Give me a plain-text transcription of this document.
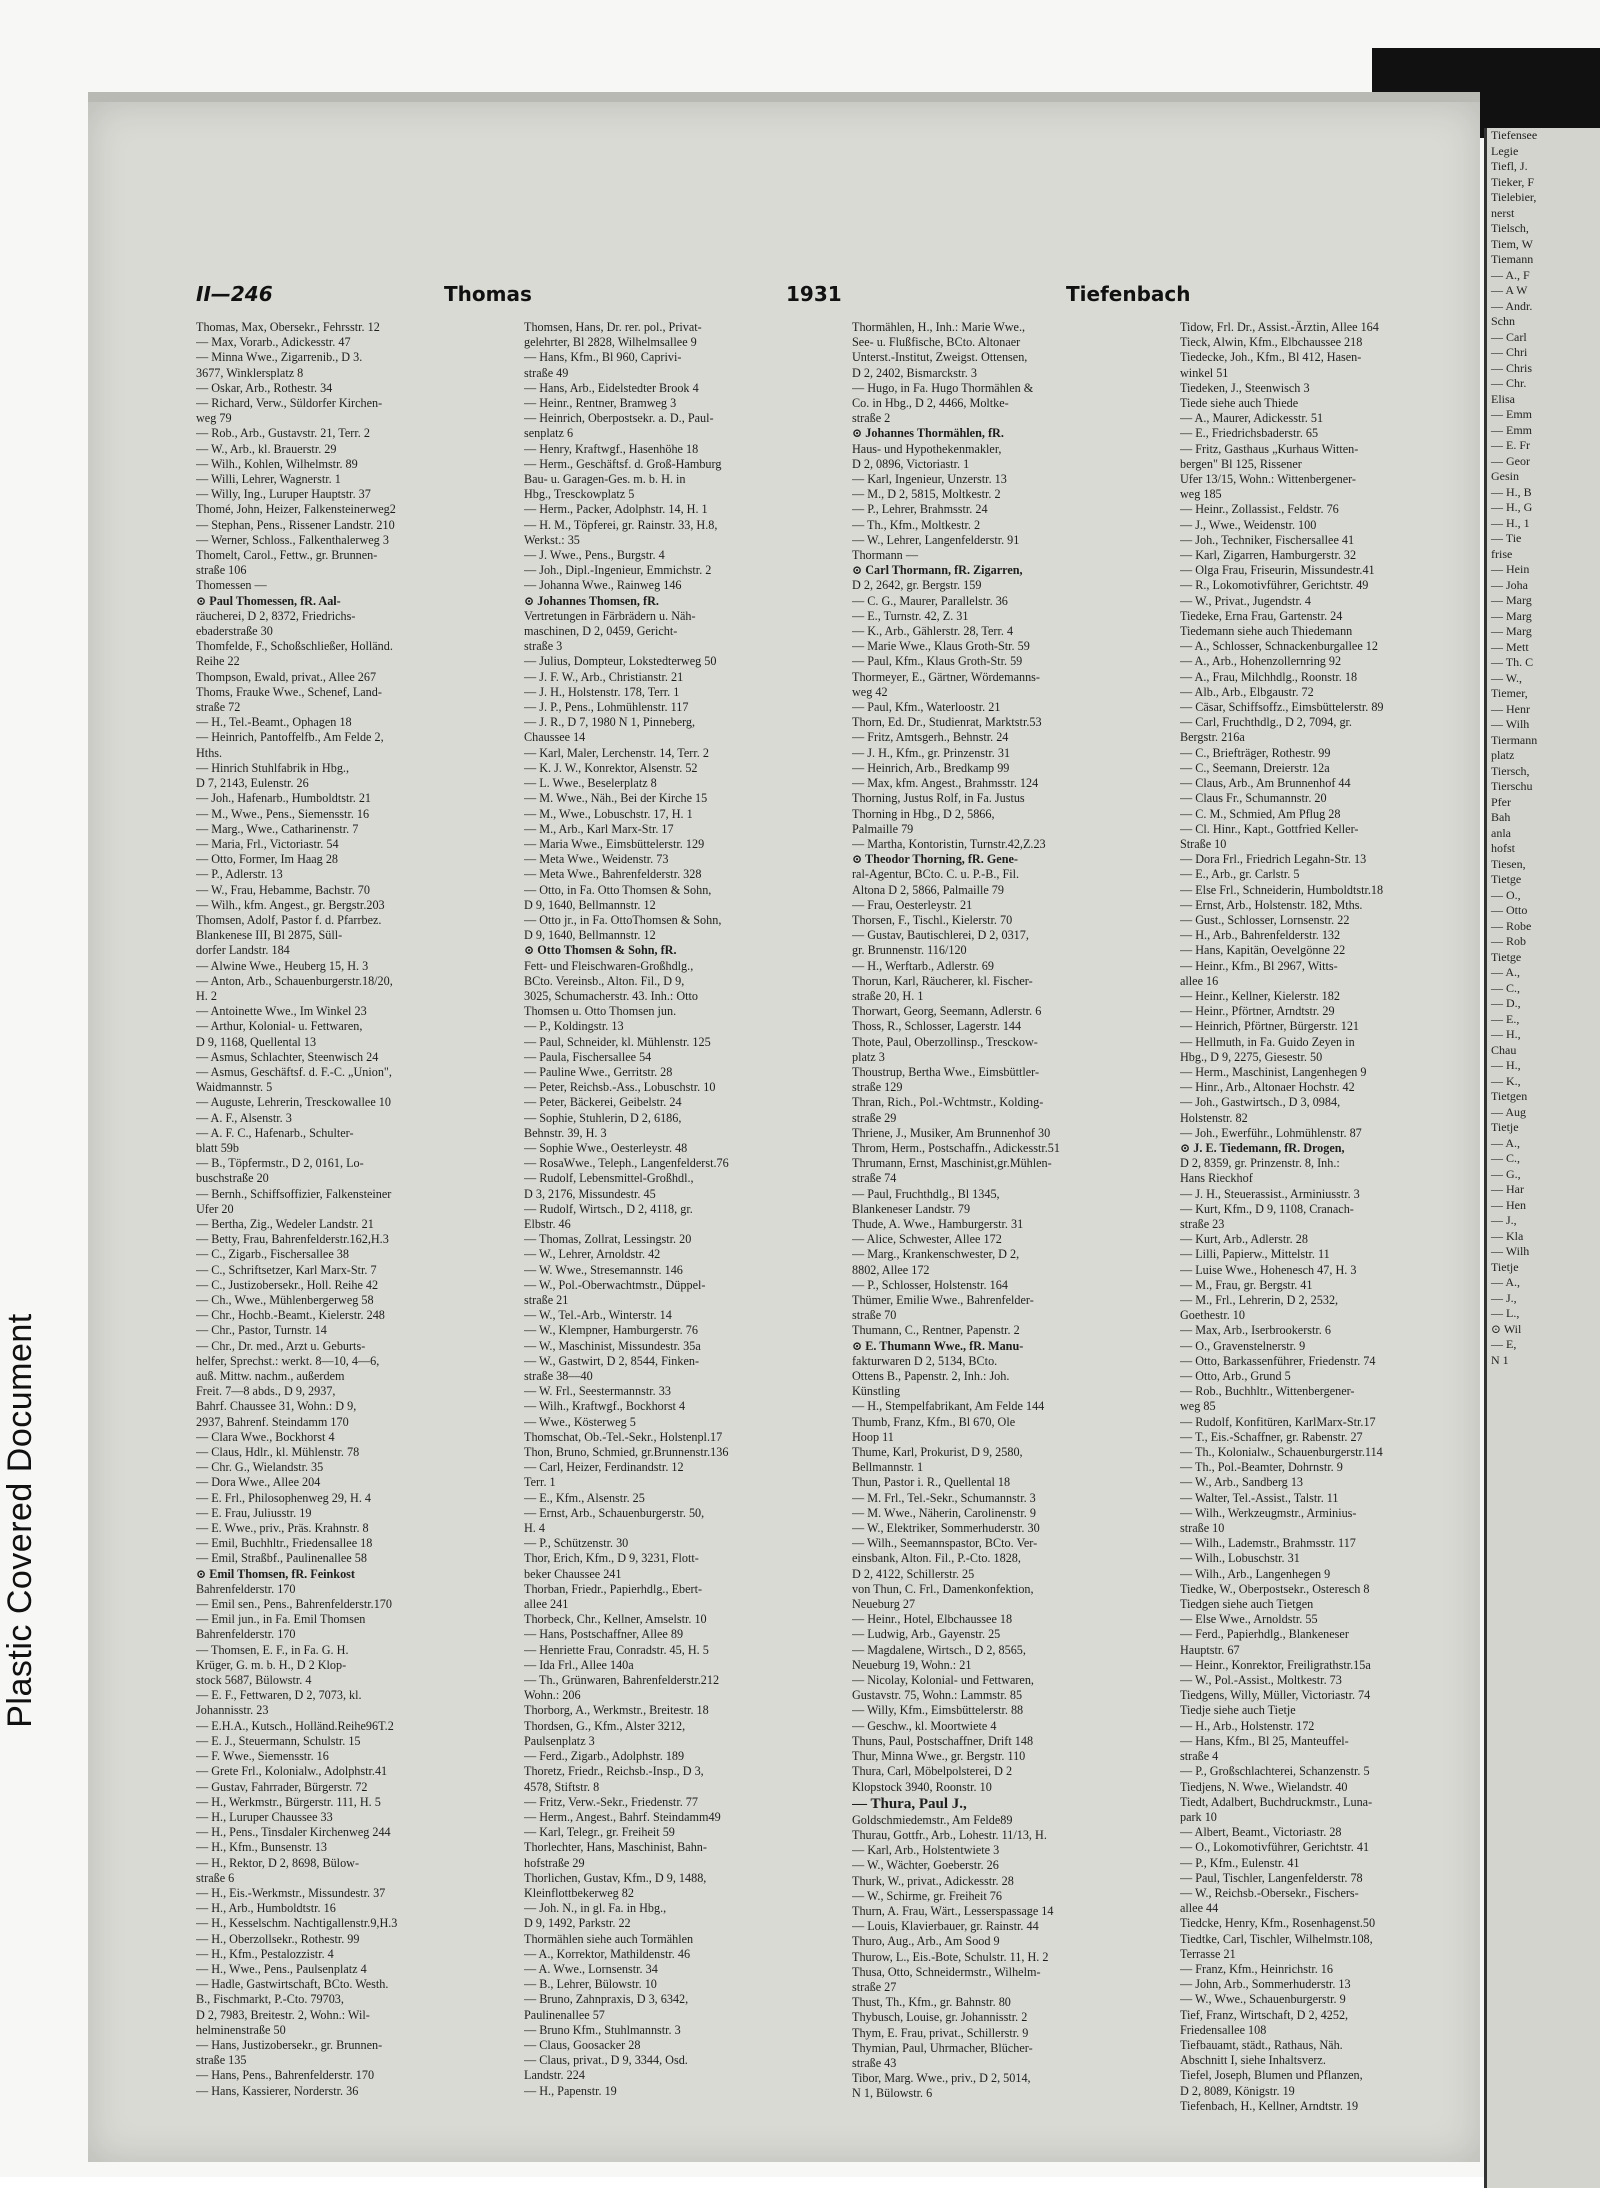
Plastic Covered Document
II—246	Thomas	1931	Tiefenbach
Thomas, Max, Obersekr., Fehrsstr. 12
— Max, Vorarb., Adickesstr. 47
— Minna Wwe., Zigarrenib., D 3.
3677, Winklersplatz 8
— Oskar, Arb., Rothestr. 34
— Richard, Verw., Süldorfer Kirchen-
weg 79
— Rob., Arb., Gustavstr. 21, Terr. 2
— W., Arb., kl. Brauerstr. 29
— Wilh., Kohlen, Wilhelmstr. 89
— Willi, Lehrer, Wagnerstr. 1
— Willy, Ing., Luruper Hauptstr. 37
Thomé, John, Heizer, Falkensteinerweg2
— Stephan, Pens., Rissener Landstr. 210
— Werner, Schloss., Falkenthalerweg 3
Thomelt, Carol., Fettw., gr. Brunnen-
straße 106
Thomessen —
⊙ Paul Thomessen, fR. Aal-
räucherei, D 2, 8372, Friedrichs-
ebaderstraße 30
Thomfelde, F., Schoßschließer, Holländ.
Reihe 22
Thompson, Ewald, privat., Allee 267
Thoms, Frauke Wwe., Schenef, Land-
straße 72
— H., Tel.-Beamt., Ophagen 18
— Heinrich, Pantoffelfb., Am Felde 2,
Hths.
— Hinrich Stuhlfabrik in Hbg.,
D 7, 2143, Eulenstr. 26
— Joh., Hafenarb., Humboldtstr. 21
— M., Wwe., Pens., Siemensstr. 16
— Marg., Wwe., Catharinenstr. 7
— Maria, Frl., Victoriastr. 54
— Otto, Former, Im Haag 28
— P., Adlerstr. 13
— W., Frau, Hebamme, Bachstr. 70
— Wilh., kfm. Angest., gr. Bergstr.203
Thomsen, Adolf, Pastor f. d. Pfarrbez.
Blankenese III, Bl 2875, Süll-
dorfer Landstr. 184
— Alwine Wwe., Heuberg 15, H. 3
— Anton, Arb., Schauenburgerstr.18/20,
H. 2
— Antoinette Wwe., Im Winkel 23
— Arthur, Kolonial- u. Fettwaren,
D 9, 1168, Quellental 13
— Asmus, Schlachter, Steenwisch 24
— Asmus, Geschäftsf. d. F.-C. „Union",
Waidmannstr. 5
— Auguste, Lehrerin, Tresckowallee 10
— A. F., Alsenstr. 3
— A. F. C., Hafenarb., Schulter-
blatt 59b
— B., Töpfermstr., D 2, 0161, Lo-
buschstraße 20
— Bernh., Schiffsoffizier, Falkensteiner
Ufer 20
— Bertha, Zig., Wedeler Landstr. 21
— Betty, Frau, Bahrenfelderstr.162,H.3
— C., Zigarb., Fischersallee 38
— C., Schriftsetzer, Karl Marx-Str. 7
— C., Justizobersekr., Holl. Reihe 42
— Ch., Wwe., Mühlenbergerweg 58
— Chr., Hochb.-Beamt., Kielerstr. 248
— Chr., Pastor, Turnstr. 14
— Chr., Dr. med., Arzt u. Geburts-
helfer, Sprechst.: werkt. 8—10, 4—6,
auß. Mittw. nachm., außerdem
Freit. 7—8 abds., D 9, 2937,
Bahrf. Chaussee 31, Wohn.: D 9,
2937, Bahrenf. Steindamm 170
— Clara Wwe., Bockhorst 4
— Claus, Hdlr., kl. Mühlenstr. 78
— Chr. G., Wielandstr. 35
— Dora Wwe., Allee 204
— E. Frl., Philosophenweg 29, H. 4
— E. Frau, Juliusstr. 19
— E. Wwe., priv., Präs. Krahnstr. 8
— Emil, Buchhltr., Friedensallee 18
— Emil, Straßbf., Paulinenallee 58
⊙ Emil Thomsen, fR. Feinkost
Bahrenfelderstr. 170
— Emil sen., Pens., Bahrenfelderstr.170
— Emil jun., in Fa. Emil Thomsen
Bahrenfelderstr. 170
— Thomsen, E. F., in Fa. G. H.
Krüger, G. m. b. H., D 2 Klop-
stock 5687, Bülowstr. 4
— E. F., Fettwaren, D 2, 7073, kl.
Johannisstr. 23
— E.H.A., Kutsch., Holländ.Reihe96T.2
— E. J., Steuermann, Schulstr. 15
— F. Wwe., Siemensstr. 16
— Grete Frl., Kolonialw., Adolphstr.41
— Gustav, Fahrrader, Bürgerstr. 72
— H., Werkmstr., Bürgerstr. 111, H. 5
— H., Luruper Chaussee 33
— H., Pens., Tinsdaler Kirchenweg 244
— H., Kfm., Bunsenstr. 13
— H., Rektor, D 2, 8698, Bülow-
straße 6
— H., Eis.-Werkmstr., Missundestr. 37
— H., Arb., Humboldtstr. 16
— H., Kesselschm. Nachtigallenstr.9,H.3
— H., Oberzollsekr., Rothestr. 99
— H., Kfm., Pestalozzistr. 4
— H., Wwe., Pens., Paulsenplatz 4
— Hadle, Gastwirtschaft, BCto. Westh.
B., Fischmarkt, P.-Cto. 79703,
D 2, 7983, Breitestr. 2, Wohn.: Wil-
helminenstraße 50
— Hans, Justizobersekr., gr. Brunnen-
straße 135
— Hans, Pens., Bahrenfelderstr. 170
— Hans, Kassierer, Norderstr. 36
Thomsen, Hans, Dr. rer. pol., Privat-
gelehrter, Bl 2828, Wilhelmsallee 9
— Hans, Kfm., Bl 960, Caprivi-
straße 49
— Hans, Arb., Eidelstedter Brook 4
— Heinr., Rentner, Bramweg 3
— Heinrich, Oberpostsekr. a. D., Paul-
senplatz 6
— Henry, Kraftwgf., Hasenhöhe 18
— Herm., Geschäftsf. d. Groß-Hamburg
Bau- u. Garagen-Ges. m. b. H. in
Hbg., Tresckowplatz 5
— Herm., Packer, Adolphstr. 14, H. 1
— H. M., Töpferei, gr. Rainstr. 33, H.8,
Werkst.: 35
— J. Wwe., Pens., Burgstr. 4
— Joh., Dipl.-Ingenieur, Emmichstr. 2
— Johanna Wwe., Rainweg 146
⊙ Johannes Thomsen, fR.
Vertretungen in Färbrädern u. Näh-
maschinen, D 2, 0459, Gericht-
straße 3
— Julius, Dompteur, Lokstedterweg 50
— J. F. W., Arb., Christianstr. 21
— J. H., Holstenstr. 178, Terr. 1
— J. P., Pens., Lohmühlenstr. 117
— J. R., D 7, 1980 N 1, Pinneberg,
Chaussee 14
— Karl, Maler, Lerchenstr. 14, Terr. 2
— K. J. W., Konrektor, Alsenstr. 52
— L. Wwe., Beselerplatz 8
— M. Wwe., Näh., Bei der Kirche 15
— M., Wwe., Lobuschstr. 17, H. 1
— M., Arb., Karl Marx-Str. 17
— Maria Wwe., Eimsbüttelerstr. 129
— Meta Wwe., Weidenstr. 73
— Meta Wwe., Bahrenfelderstr. 328
— Otto, in Fa. Otto Thomsen & Sohn,
D 9, 1640, Bellmannstr. 12
— Otto jr., in Fa. OttoThomsen & Sohn,
D 9, 1640, Bellmannstr. 12
⊙ Otto Thomsen & Sohn, fR.
Fett- und Fleischwaren-Großhdlg.,
BCto. Vereinsb., Alton. Fil., D 9,
3025, Schumacherstr. 43. Inh.: Otto
Thomsen u. Otto Thomsen jun.
— P., Koldingstr. 13
— Paul, Schneider, kl. Mühlenstr. 125
— Paula, Fischersallee 54
— Pauline Wwe., Gerritstr. 28
— Peter, Reichsb.-Ass., Lobuschstr. 10
— Peter, Bäckerei, Geibelstr. 24
— Sophie, Stuhlerin, D 2, 6186,
Behnstr. 39, H. 3
— Sophie Wwe., Oesterleystr. 48
— RosaWwe., Teleph., Langenfelderst.76
— Rudolf, Lebensmittel-Großhdl.,
D 3, 2176, Missundestr. 45
— Rudolf, Wirtsch., D 2, 4118, gr.
Elbstr. 46
— Thomas, Zollrat, Lessingstr. 20
— W., Lehrer, Arnoldstr. 42
— W. Wwe., Stresemannstr. 146
— W., Pol.-Oberwachtmstr., Düppel-
straße 21
— W., Tel.-Arb., Winterstr. 14
— W., Klempner, Hamburgerstr. 76
— W., Maschinist, Missundestr. 35a
— W., Gastwirt, D 2, 8544, Finken-
straße 38—40
— W. Frl., Seestermannstr. 33
— Wilh., Kraftwgf., Bockhorst 4
— Wwe., Kösterweg 5
Thomschat, Ob.-Tel.-Sekr., Holstenpl.17
Thon, Bruno, Schmied, gr.Brunnenstr.136
— Carl, Heizer, Ferdinandstr. 12
Terr. 1
— E., Kfm., Alsenstr. 25
— Ernst, Arb., Schauenburgerstr. 50,
H. 4
— P., Schützenstr. 30
Thor, Erich, Kfm., D 9, 3231, Flott-
beker Chaussee 241
Thorban, Friedr., Papierhdlg., Ebert-
allee 241
Thorbeck, Chr., Kellner, Amselstr. 10
— Hans, Postschaffner, Allee 89
— Henriette Frau, Conradstr. 45, H. 5
— Ida Frl., Allee 140a
— Th., Grünwaren, Bahrenfelderstr.212
Wohn.: 206
Thorborg, A., Werkmstr., Breitestr. 18
Thordsen, G., Kfm., Alster 3212,
Paulsenplatz 3
— Ferd., Zigarb., Adolphstr. 189
Thoretz, Friedr., Reichsb.-Insp., D 3,
4578, Stiftstr. 8
— Fritz, Verw.-Sekr., Friedenstr. 77
— Herm., Angest., Bahrf. Steindamm49
— Karl, Telegr., gr. Freiheit 59
Thorlechter, Hans, Maschinist, Bahn-
hofstraße 29
Thorlichen, Gustav, Kfm., D 9, 1488,
Kleinflottbekerweg 82
— Joh. N., in gl. Fa. in Hbg.,
D 9, 1492, Parkstr. 22
Thormählen siehe auch Tormählen
— A., Korrektor, Mathildenstr. 46
— A. Wwe., Lornsenstr. 34
— B., Lehrer, Bülowstr. 10
— Bruno, Zahnpraxis, D 3, 6342,
Paulinenallee 57
— Bruno Kfm., Stuhlmannstr. 3
— Claus, Goosacker 28
— Claus, privat., D 9, 3344, Osd.
Landstr. 224
— H., Papenstr. 19
Thormählen, H., Inh.: Marie Wwe.,
See- u. Flußfische, BCto. Altonaer
Unterst.-Institut, Zweigst. Ottensen,
D 2, 2402, Bismarckstr. 3
— Hugo, in Fa. Hugo Thormählen &
Co. in Hbg., D 2, 4466, Moltke-
straße 2
⊙ Johannes Thormählen, fR.
Haus- und Hypothekenmakler,
D 2, 0896, Victoriastr. 1
— Karl, Ingenieur, Unzerstr. 13
— M., D 2, 5815, Moltkestr. 2
— P., Lehrer, Brahmsstr. 24
— Th., Kfm., Moltkestr. 2
— W., Lehrer, Langenfelderstr. 91
Thormann —
⊙ Carl Thormann, fR. Zigarren,
D 2, 2642, gr. Bergstr. 159
— C. G., Maurer, Parallelstr. 36
— E., Turnstr. 42, Z. 31
— K., Arb., Gählerstr. 28, Terr. 4
— Marie Wwe., Klaus Groth-Str. 59
— Paul, Kfm., Klaus Groth-Str. 59
Thormeyer, E., Gärtner, Wördemanns-
weg 42
— Paul, Kfm., Waterloostr. 21
Thorn, Ed. Dr., Studienrat, Marktstr.53
— Fritz, Amtsgerh., Behnstr. 24
— J. H., Kfm., gr. Prinzenstr. 31
— Heinrich, Arb., Bredkamp 99
— Max, kfm. Angest., Brahmsstr. 124
Thorning, Justus Rolf, in Fa. Justus
Thorning in Hbg., D 2, 5866,
Palmaille 79
— Martha, Kontoristin, Turnstr.42,Z.23
⊙ Theodor Thorning, fR. Gene-
ral-Agentur, BCto. C. u. P.-B., Fil.
Altona D 2, 5866, Palmaille 79
— Frau, Oesterleystr. 21
Thorsen, F., Tischl., Kielerstr. 70
— Gustav, Bautischlerei, D 2, 0317,
gr. Brunnenstr. 116/120
— H., Werftarb., Adlerstr. 69
Thorun, Karl, Räucherer, kl. Fischer-
straße 20, H. 1
Thorwart, Georg, Seemann, Adlerstr. 6
Thoss, R., Schlosser, Lagerstr. 144
Thote, Paul, Oberzollinsp., Tresckow-
platz 3
Thoustrup, Bertha Wwe., Eimsbüttler-
straße 129
Thran, Rich., Pol.-Wchtmstr., Kolding-
straße 29
Thriene, J., Musiker, Am Brunnenhof 30
Throm, Herm., Postschaffn., Adickesstr.51
Thrumann, Ernst, Maschinist,gr.Mühlen-
straße 74
— Paul, Fruchthdlg., Bl 1345,
Blankeneser Landstr. 79
Thude, A. Wwe., Hamburgerstr. 31
— Alice, Schwester, Allee 172
— Marg., Krankenschwester, D 2,
8802, Allee 172
— P., Schlosser, Holstenstr. 164
Thümer, Emilie Wwe., Bahrenfelder-
straße 70
Thumann, C., Rentner, Papenstr. 2
⊙ E. Thumann Wwe., fR. Manu-
fakturwaren D 2, 5134, BCto.
Ottens B., Papenstr. 2, Inh.: Joh.
Künstling
— H., Stempelfabrikant, Am Felde 144
Thumb, Franz, Kfm., Bl 670, Ole
Hoop 11
Thume, Karl, Prokurist, D 9, 2580,
Bellmannstr. 1
Thun, Pastor i. R., Quellental 18
— M. Frl., Tel.-Sekr., Schumannstr. 3
— M. Wwe., Näherin, Carolinenstr. 9
— W., Elektriker, Sommerhuderstr. 30
— Wilh., Seemannspastor, BCto. Ver-
einsbank, Alton. Fil., P.-Cto. 1828,
D 2, 4122, Schillerstr. 25
von Thun, C. Frl., Damenkonfektion,
Neueburg 27
— Heinr., Hotel, Elbchaussee 18
— Ludwig, Arb., Gayenstr. 25
— Magdalene, Wirtsch., D 2, 8565,
Neueburg 19, Wohn.: 21
— Nicolay, Kolonial- und Fettwaren,
Gustavstr. 75, Wohn.: Lammstr. 85
— Willy, Kfm., Eimsbüttelerstr. 88
— Geschw., kl. Moortwiete 4
Thuns, Paul, Postschaffner, Drift 148
Thur, Minna Wwe., gr. Bergstr. 110
Thura, Carl, Möbelpolsterei, D 2
Klopstock 3940, Roonstr. 10
— Thura, Paul J.,
Goldschmiedemstr., Am Felde89
Thurau, Gottfr., Arb., Lohestr. 11/13, H.
— Karl, Arb., Holstentwiete 3
— W., Wächter, Goeberstr. 26
Thurk, W., privat., Adickesstr. 28
— W., Schirme, gr. Freiheit 76
Thurn, A. Frau, Wärt., Lesserspassage 14
— Louis, Klavierbauer, gr. Rainstr. 44
Thuro, Aug., Arb., Am Sood 9
Thurow, L., Eis.-Bote, Schulstr. 11, H. 2
Thusa, Otto, Schneidermstr., Wilhelm-
straße 27
Thust, Th., Kfm., gr. Bahnstr. 80
Thybusch, Louise, gr. Johannisstr. 2
Thym, E. Frau, privat., Schillerstr. 9
Thymian, Paul, Uhrmacher, Blücher-
straße 43
Tibor, Marg. Wwe., priv., D 2, 5014,
N 1, Bülowstr. 6
Tidow, Frl. Dr., Assist.-Ärztin, Allee 164
Tieck, Alwin, Kfm., Elbchaussee 218
Tiedecke, Joh., Kfm., Bl 412, Hasen-
winkel 51
Tiedeken, J., Steenwisch 3
Tiede siehe auch Thiede
— A., Maurer, Adickesstr. 51
— E., Friedrichsbaderstr. 65
— Fritz, Gasthaus „Kurhaus Witten-
bergen" Bl 125, Rissener
Ufer 13/15, Wohn.: Wittenbergener-
weg 185
— Heinr., Zollassist., Feldstr. 76
— J., Wwe., Weidenstr. 100
— Joh., Techniker, Fischersallee 41
— Karl, Zigarren, Hamburgerstr. 32
— Olga Frau, Friseurin, Missundestr.41
— R., Lokomotivführer, Gerichtstr. 49
— W., Privat., Jugendstr. 4
Tiedeke, Erna Frau, Gartenstr. 24
Tiedemann siehe auch Thiedemann
— A., Schlosser, Schnackenburgallee 12
— A., Arb., Hohenzollernring 92
— A., Frau, Milchhdlg., Roonstr. 18
— Alb., Arb., Elbgaustr. 72
— Cäsar, Schiffsoffz., Eimsbüttelerstr. 89
— Carl, Fruchthdlg., D 2, 7094, gr.
Bergstr. 216a
— C., Briefträger, Rothestr. 99
— C., Seemann, Dreierstr. 12a
— Claus, Arb., Am Brunnenhof 44
— Claus Fr., Schumannstr. 20
— C. M., Schmied, Am Pflug 28
— Cl. Hinr., Kapt., Gottfried Keller-
Straße 10
— Dora Frl., Friedrich Legahn-Str. 13
— E., Arb., gr. Carlstr. 5
— Else Frl., Schneiderin, Humboldtstr.18
— Ernst, Arb., Holstenstr. 182, Mths.
— Gust., Schlosser, Lornsenstr. 22
— H., Arb., Bahrenfelderstr. 132
— Hans, Kapitän, Oevelgönne 22
— Heinr., Kfm., Bl 2967, Witts-
allee 16
— Heinr., Kellner, Kielerstr. 182
— Heinr., Pförtner, Arndtstr. 29
— Heinrich, Pförtner, Bürgerstr. 121
— Hellmuth, in Fa. Guido Zeyen in
Hbg., D 9, 2275, Giesestr. 50
— Herm., Maschinist, Langenhegen 9
— Hinr., Arb., Altonaer Hochstr. 42
— Joh., Gastwirtsch., D 3, 0984,
Holstenstr. 82
— Joh., Ewerführ., Lohmühlenstr. 87
⊙ J. E. Tiedemann, fR. Drogen,
D 2, 8359, gr. Prinzenstr. 8, Inh.:
Hans Rieckhof
— J. H., Steuerassist., Arminiusstr. 3
— Kurt, Kfm., D 9, 1108, Cranach-
straße 23
— Kurt, Arb., Adlerstr. 28
— Lilli, Papierw., Mittelstr. 11
— Luise Wwe., Hohenesch 47, H. 3
— M., Frau, gr. Bergstr. 41
— M., Frl., Lehrerin, D 2, 2532,
Goethestr. 10
— Max, Arb., Iserbrookerstr. 6
— O., Gravenstelnerstr. 9
— Otto, Barkassenführer, Friedenstr. 74
— Otto, Arb., Grund 5
— Rob., Buchhltr., Wittenbergener-
weg 85
— Rudolf, Konfitüren, KarlMarx-Str.17
— T., Eis.-Schaffner, gr. Rabenstr. 27
— Th., Kolonialw., Schauenburgerstr.114
— Th., Pol.-Beamter, Dohrnstr. 9
— W., Arb., Sandberg 13
— Walter, Tel.-Assist., Talstr. 11
— Wilh., Werkzeugmstr., Arminius-
straße 10
— Wilh., Lademstr., Brahmsstr. 117
— Wilh., Lobuschstr. 31
— Wilh., Arb., Langenhegen 9
Tiedke, W., Oberpostsekr., Osteresch 8
Tiedgen siehe auch Tietgen
— Else Wwe., Arnoldstr. 55
— Ferd., Papierhdlg., Blankeneser
Hauptstr. 67
— Heinr., Konrektor, Freiligrathstr.15a
— W., Pol.-Assist., Moltkestr. 73
Tiedgens, Willy, Müller, Victoriastr. 74
Tiedje siehe auch Tietje
— H., Arb., Holstenstr. 172
— Hans, Kfm., Bl 25, Manteuffel-
straße 4
— P., Großschlachterei, Schanzenstr. 5
Tiedjens, N. Wwe., Wielandstr. 40
Tiedt, Adalbert, Buchdruckmstr., Luna-
park 10
— Albert, Beamt., Victoriastr. 28
— O., Lokomotivführer, Gerichtstr. 41
— P., Kfm., Eulenstr. 41
— Paul, Tischler, Langenfelderstr. 78
— W., Reichsb.-Obersekr., Fischers-
allee 44
Tiedcke, Henry, Kfm., Rosenhagenst.50
Tiedtke, Carl, Tischler, Wilhelmstr.108,
Terrasse 21
— Franz, Kfm., Heinrichstr. 16
— John, Arb., Sommerhuderstr. 13
— W., Wwe., Schauenburgerstr. 9
Tief, Franz, Wirtschaft, D 2, 4252,
Friedensallee 108
Tiefbauamt, städt., Rathaus, Näh.
Abschnitt I, siehe Inhaltsverz.
Tiefel, Joseph, Blumen und Pflanzen,
D 2, 8089, Königstr. 19
Tiefenbach, H., Kellner, Arndtstr. 19
Tiefensee
Legie
Tiefl, J.
Tieker, F
Tielebier,
nerst
Tielsch,
Tiem, W
Tiemann
— A., F
— A W
— Andr.
Schn
— Carl
— Chri
— Chris
— Chr.
Elisa
— Emm
— Emm
— E. Fr
— Geor
Gesin
— H., B
— H., G
— H., 1
— Tie
frise
— Hein
— Joha
— Marg
— Marg
— Marg
— Mett
— Th. C
— W.,
Tiemer,
— Henr
— Wilh
Tiermann
platz
Tiersch,
Tierschu
Pfer
Bah
anla
hofst
Tiesen,
Tietge
— O.,
— Otto
— Robe
— Rob
Tietge
— A.,
— C.,
— D.,
— E.,
— H.,
Chau
— H.,
— K.,
Tietgen
— Aug
Tietje
— A.,
— C.,
— G.,
— Har
— Hen
— J.,
— Kla
— Wilh
Tietje
— A.,
— J.,
— L.,
⊙ Wil
— E,
N 1
